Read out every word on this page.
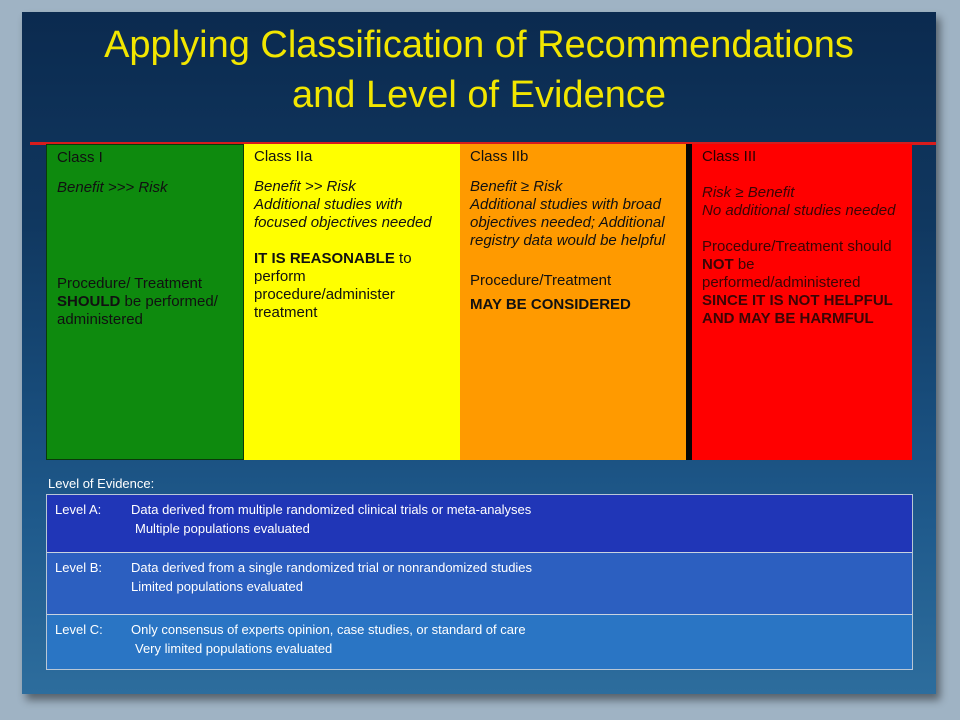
Applying Classification of Recommendations
and Level of Evidence
Class I
Benefit >>> Risk
Procedure/ Treatment SHOULD be performed/ administered
Class IIa
Benefit >> Risk
Additional studies with focused objectives needed
IT IS REASONABLE to perform procedure/administer treatment
Class IIb
Benefit ≥ Risk
Additional studies with broad objectives needed; Additional registry data would be helpful
Procedure/Treatment
MAY BE CONSIDERED
Class III
Risk ≥ Benefit
No additional studies needed
Procedure/Treatment should NOT be performed/administered
SINCE IT IS NOT HELPFUL AND MAY BE HARMFUL
Level of Evidence:
Level A: Data derived from multiple randomized clinical trials or meta-analyses
Multiple populations evaluated
Level B: Data derived from a single randomized trial or nonrandomized studies
Limited populations evaluated
Level C: Only consensus of experts opinion, case studies, or standard of care
Very limited populations evaluated
